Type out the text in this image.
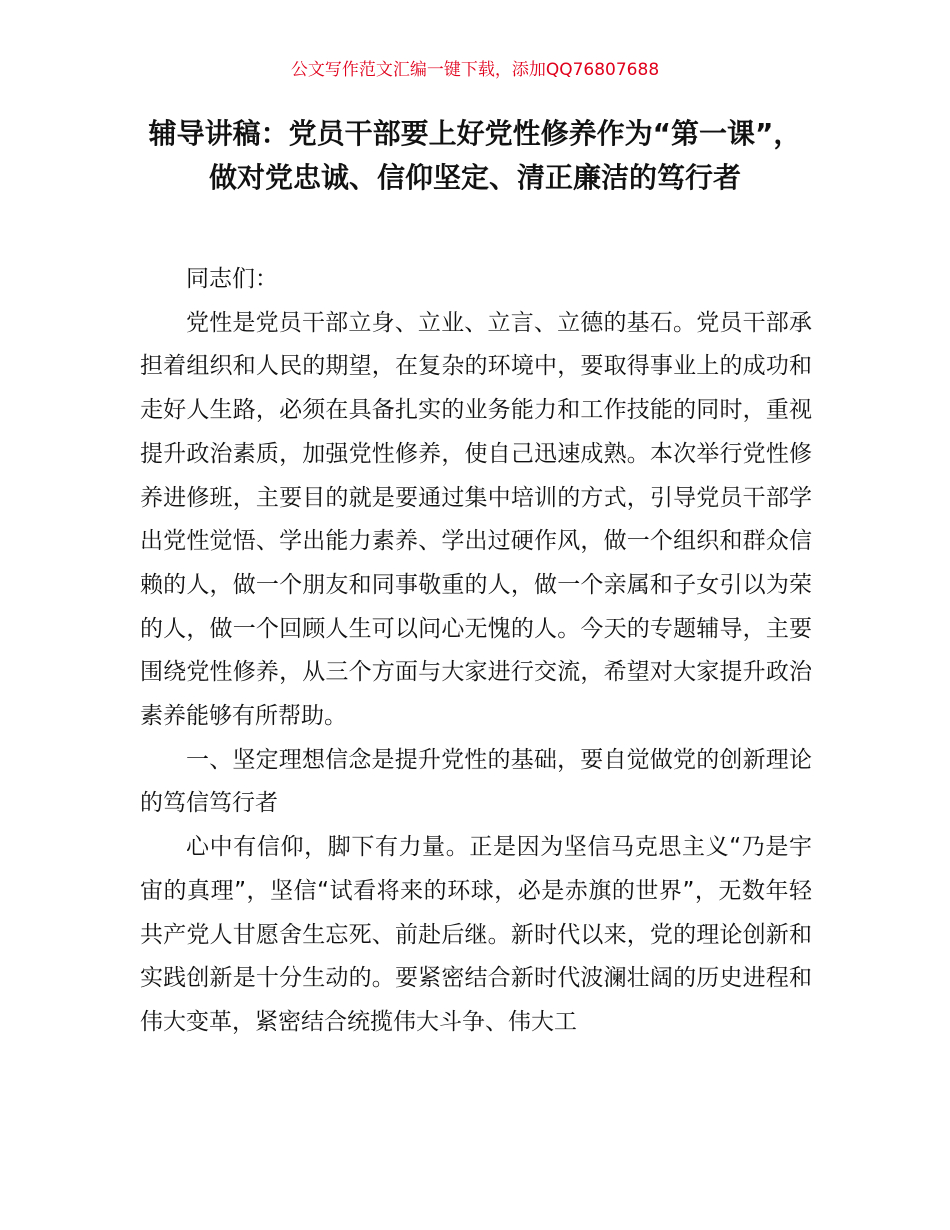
公文写作范文汇编一键下载，添加QQ76807688
辅导讲稿：党员干部要上好党性修养作为“第一课”，做对党忠诚、信仰坚定、清正廉洁的笃行者

同志们：

党性是党员干部立身、立业、立言、立德的基石。党员干部承担着组织和人民的期望，在复杂的环境中，要取得事业上的成功和走好人生路，必须在具备扎实的业务能力和工作技能的同时，重视提升政治素质，加强党性修养，使自己迅速成熟。本次举行党性修养进修班，主要目的就是要通过集中培训的方式，引导党员干部学出党性觉悟、学出能力素养、学出过硬作风，做一个组织和群众信赖的人，做一个朋友和同事敬重的人，做一个亲属和子女引以为荣的人，做一个回顾人生可以问心无愧的人。今天的专题辅导，主要围绕党性修养，从三个方面与大家进行交流，希望对大家提升政治素养能够有所帮助。

一、坚定理想信念是提升党性的基础，要自觉做党的创新理论的笃信笃行者

心中有信仰，脚下有力量。正是因为坚信马克思主义“乃是宇宙的真理”，坚信“试看将来的环球，必是赤旗的世界”，无数年轻共产党人甘愿舍生忘死、前赴后继。新时代以来，党的理论创新和实践创新是十分生动的。要紧密结合新时代波澜壮阔的历史进程和伟大变革，紧密结合统揽伟大斗争、伟大工
